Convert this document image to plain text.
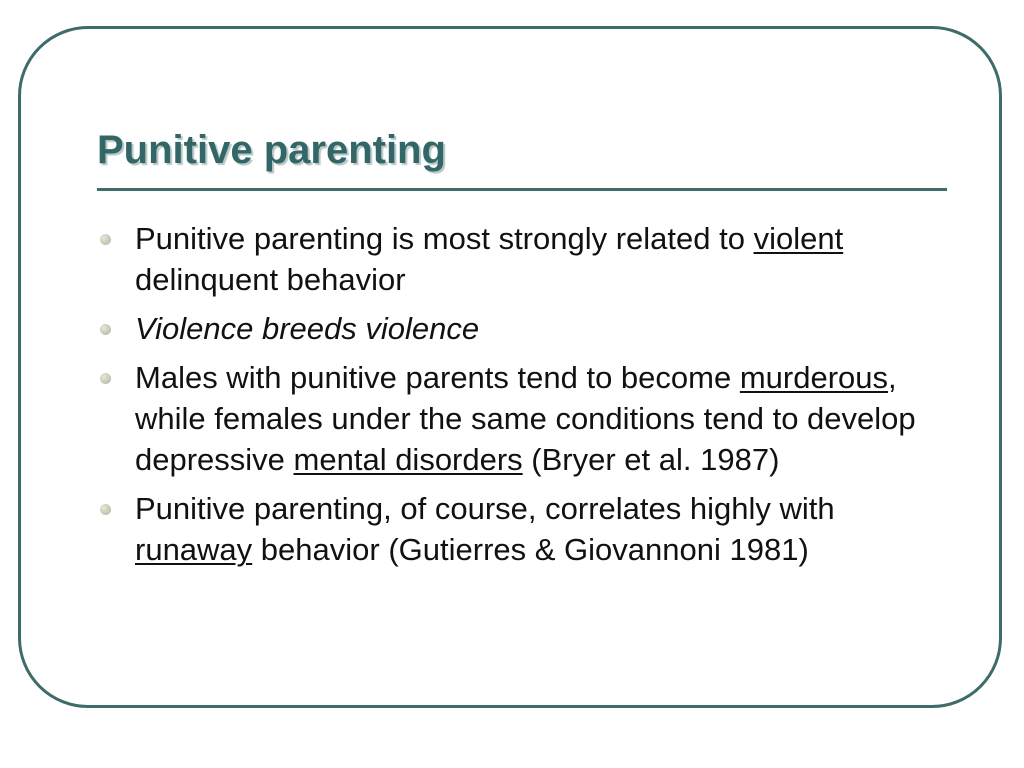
Punitive parenting
Punitive parenting is most strongly related to violent delinquent behavior
Violence breeds violence
Males with punitive parents tend to become murderous, while females under the same conditions tend to develop depressive mental disorders (Bryer et al. 1987)
Punitive parenting, of course, correlates highly with runaway behavior (Gutierres & Giovannoni 1981)
